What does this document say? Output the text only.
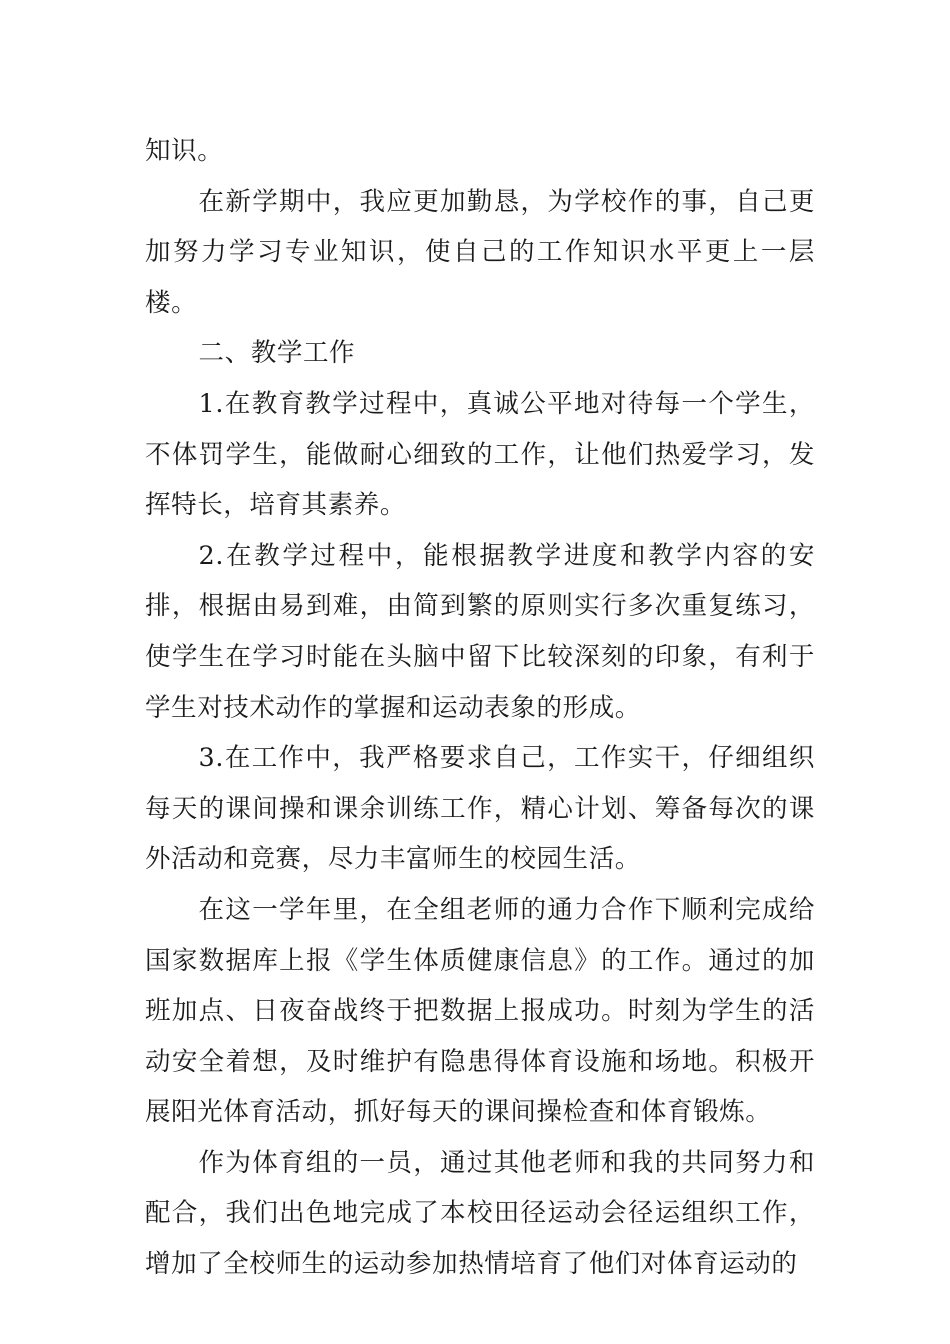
知识。

在新学期中，我应更加勤恳，为学校作的事，自己更加努力学习专业知识，使自己的工作知识水平更上一层楼。

二、教学工作

1.在教育教学过程中，真诚公平地对待每一个学生，不体罚学生，能做耐心细致的工作，让他们热爱学习，发挥特长，培育其素养。

2.在教学过程中，能根据教学进度和教学内容的安排，根据由易到难，由简到繁的原则实行多次重复练习，使学生在学习时能在头脑中留下比较深刻的印象，有利于学生对技术动作的掌握和运动表象的形成。

3.在工作中，我严格要求自己，工作实干，仔细组织每天的课间操和课余训练工作，精心计划、筹备每次的课外活动和竞赛，尽力丰富师生的校园生活。

在这一学年里，在全组老师的通力合作下顺利完成给国家数据库上报《学生体质健康信息》的工作。通过的加班加点、日夜奋战终于把数据上报成功。时刻为学生的活动安全着想，及时维护有隐患得体育设施和场地。积极开展阳光体育活动，抓好每天的课间操检查和体育锻炼。

作为体育组的一员，通过其他老师和我的共同努力和配合，我们出色地完成了本校田径运动会径运组织工作，增加了全校师生的运动参加热情培育了他们对体育运动的
